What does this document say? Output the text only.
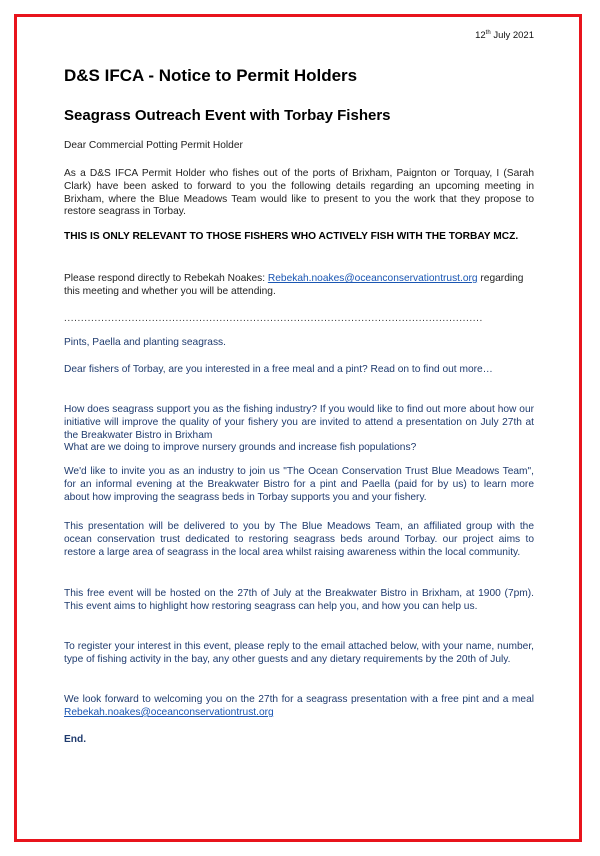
12th July 2021
D&S IFCA - Notice to Permit Holders
Seagrass Outreach Event with Torbay Fishers
Dear Commercial Potting Permit Holder
As a D&S IFCA Permit Holder who fishes out of the ports of Brixham, Paignton or Torquay, I (Sarah Clark) have been asked to forward to you the following details regarding an upcoming meeting in Brixham, where the Blue Meadows Team would like to present to you the work that they propose to restore seagrass in Torbay.
THIS IS ONLY RELEVANT TO THOSE FISHERS WHO ACTIVELY FISH WITH THE TORBAY MCZ.
Please respond directly to Rebekah Noakes: Rebekah.noakes@oceanconservationtrust.org regarding this meeting and whether you will be attending.
............................................................................................................................
Pints, Paella and planting seagrass.
Dear fishers of Torbay, are you interested in a free meal and a pint? Read on to find out more…
How does seagrass support you as the fishing industry? If you would like to find out more about how our initiative will improve the quality of your fishery you are invited to attend a presentation on July 27th at the Breakwater Bistro in Brixham
What are we doing to improve nursery grounds and increase fish populations?
We'd like to invite you as an industry to join us "The Ocean Conservation Trust Blue Meadows Team", for an informal evening at the Breakwater Bistro for a pint and Paella (paid for by us) to learn more about how improving the seagrass beds in Torbay supports you and your fishery.
This presentation will be delivered to you by The Blue Meadows Team, an affiliated group with the ocean conservation trust dedicated to restoring seagrass beds around Torbay. our project aims to restore a large area of seagrass in the local area whilst raising awareness within the local community.
This free event will be hosted on the 27th of July at the Breakwater Bistro in Brixham, at 1900 (7pm). This event aims to highlight how restoring seagrass can help you, and how you can help us.
To register your interest in this event, please reply to the email attached below, with your name, number, type of fishing activity in the bay, any other guests and any dietary requirements by the 20th of July.
We look forward to welcoming you on the 27th for a seagrass presentation with a free pint and a meal Rebekah.noakes@oceanconservationtrust.org
End.
